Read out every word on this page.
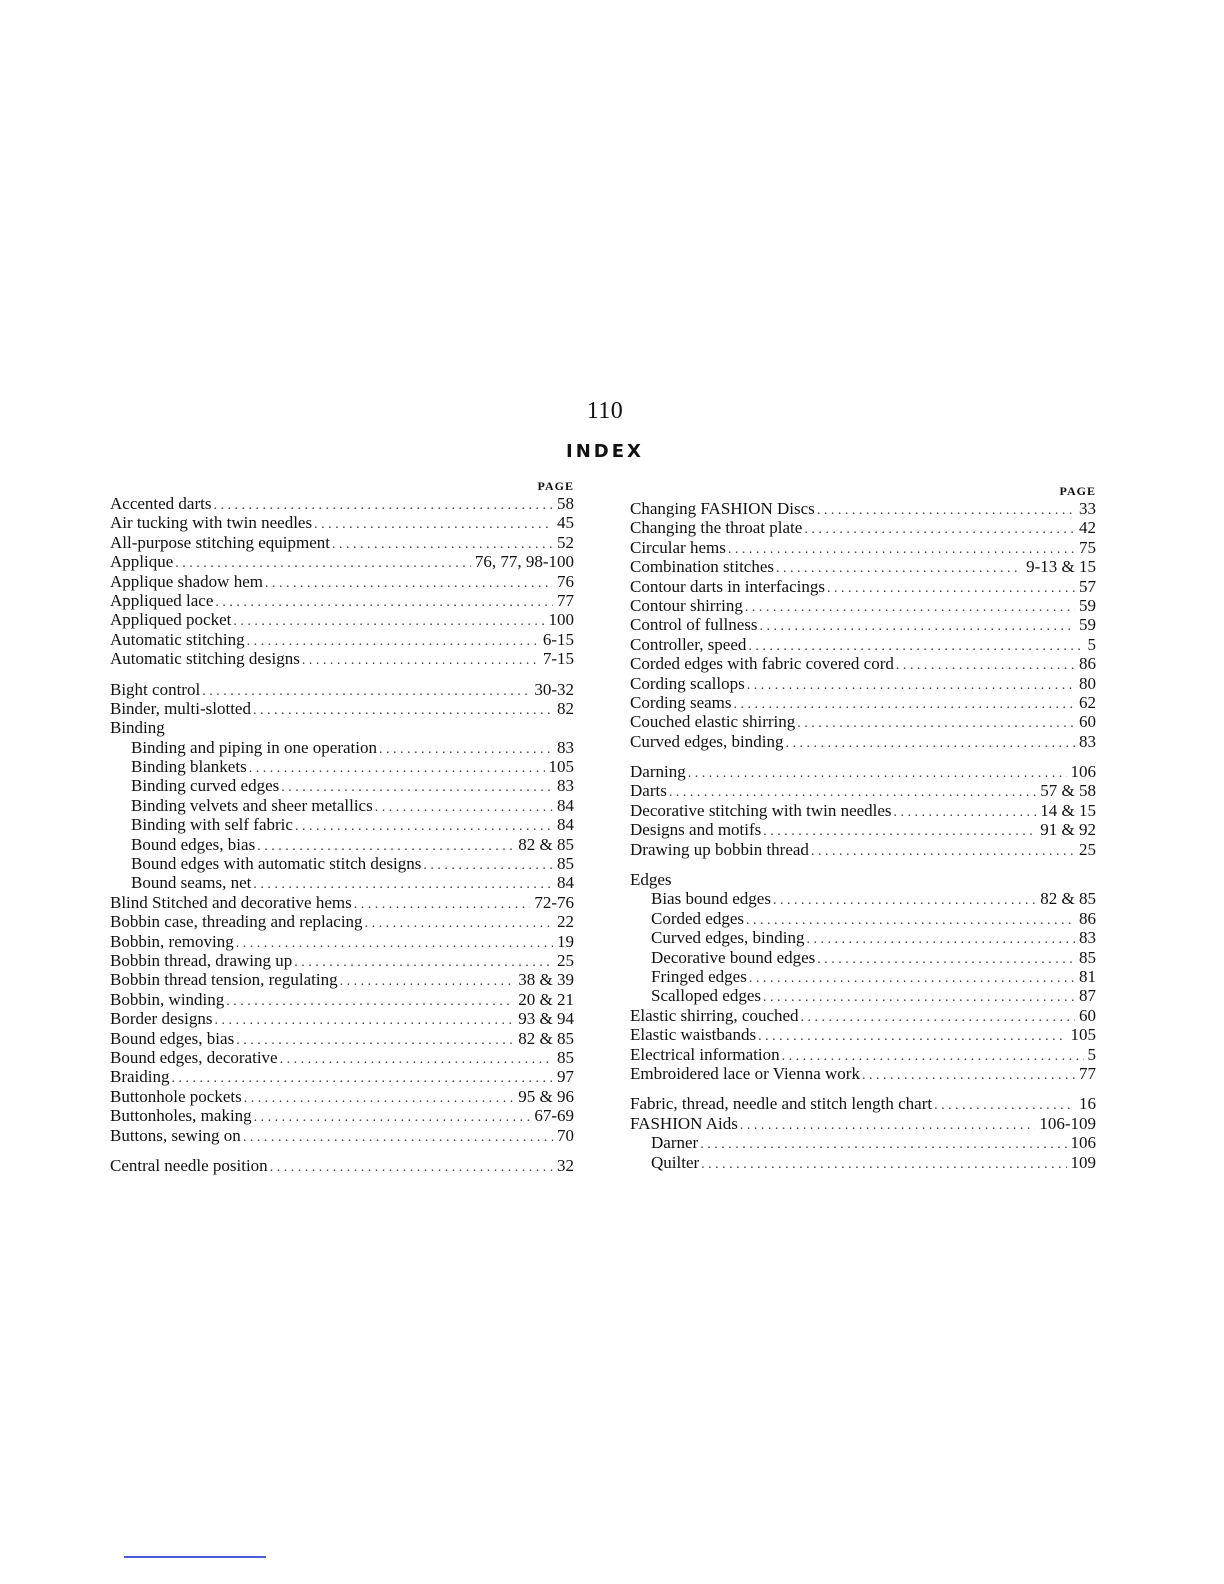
110
INDEX
PAGE
Accented darts . . .	58
Air tucking with twin needles . . .	45
All-purpose stitching equipment . . .	52
Applique . . .	76, 77, 98-100
Applique shadow hem . . .	76
Appliqued lace . . .	77
Appliqued pocket . . .	100
Automatic stitching . . .	6-15
Automatic stitching designs . . .	7-15
Bight control . . .	30-32
Binder, multi-slotted . . .	82
Binding
Binding and piping in one operation . . .	83
Binding blankets . . .	105
Binding curved edges . . .	83
Binding velvets and sheer metallics . . .	84
Binding with self fabric . . .	84
Bound edges, bias . . .	82 & 85
Bound edges with automatic stitch designs . . .	85
Bound seams, net . . .	84
Blind Stitched and decorative hems . . .	72-76
Bobbin case, threading and replacing . . .	22
Bobbin, removing . . .	19
Bobbin thread, drawing up . . .	25
Bobbin thread tension, regulating . . .	38 & 39
Bobbin, winding . . .	20 & 21
Border designs . . .	93 & 94
Bound edges, bias . . .	82 & 85
Bound edges, decorative . . .	85
Braiding . . .	97
Buttonhole pockets . . .	95 & 96
Buttonholes, making . . .	67-69
Buttons, sewing on . . .	70
Central needle position . . .	32
PAGE
Changing FASHION Discs . . .	33
Changing the throat plate . . .	42
Circular hems . . .	75
Combination stitches . . .	9-13 & 15
Contour darts in interfacings . . .	57
Contour shirring . . .	59
Control of fullness . . .	59
Controller, speed . . .	5
Corded edges with fabric covered cord . . .	86
Cording scallops . . .	80
Cording seams . . .	62
Couched elastic shirring . . .	60
Curved edges, binding . . .	83
Darning . . .	106
Darts . . .	57 & 58
Decorative stitching with twin needles . . .	14 & 15
Designs and motifs . . .	91 & 92
Drawing up bobbin thread . . .	25
Edges
Bias bound edges . . .	82 & 85
Corded edges . . .	86
Curved edges, binding . . .	83
Decorative bound edges . . .	85
Fringed edges . . .	81
Scalloped edges . . .	87
Elastic shirring, couched . . .	60
Elastic waistbands . . .	105
Electrical information . . .	5
Embroidered lace or Vienna work . . .	77
Fabric, thread, needle and stitch length chart . . .	16
FASHION Aids . . .	106-109
Darner . . .	106
Quilter . . .	109
